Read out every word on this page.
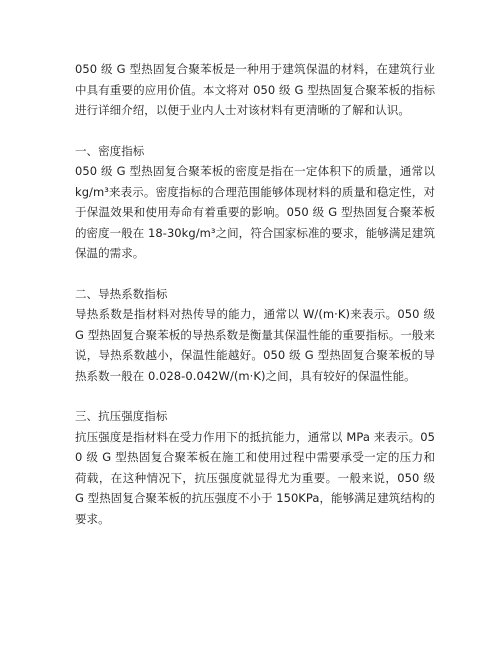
050 级 G 型热固复合聚苯板是一种用于建筑保温的材料，在建筑行业中具有重要的应用价值。本文将对 050 级 G 型热固复合聚苯板的指标进行详细介绍，以便于业内人士对该材料有更清晰的了解和认识。

一、密度指标

050 级 G 型热固复合聚苯板的密度是指在一定体积下的质量，通常以 kg/m³来表示。密度指标的合理范围能够体现材料的质量和稳定性，对于保温效果和使用寿命有着重要的影响。050 级 G 型热固复合聚苯板的密度一般在 18-30kg/m³之间，符合国家标准的要求，能够满足建筑保温的需求。

二、导热系数指标

导热系数是指材料对热传导的能力，通常以 W/(m·K)来表示。050 级 G 型热固复合聚苯板的导热系数是衡量其保温性能的重要指标。一般来说，导热系数越小，保温性能越好。050 级 G 型热固复合聚苯板的导热系数一般在 0.028-0.042W/(m·K)之间，具有较好的保温性能。

三、抗压强度指标

抗压强度是指材料在受力作用下的抵抗能力，通常以 MPa 来表示。050 级 G 型热固复合聚苯板在施工和使用过程中需要承受一定的压力和荷载，在这种情况下，抗压强度就显得尤为重要。一般来说，050 级 G 型热固复合聚苯板的抗压强度不小于 150KPa，能够满足建筑结构的要求。
